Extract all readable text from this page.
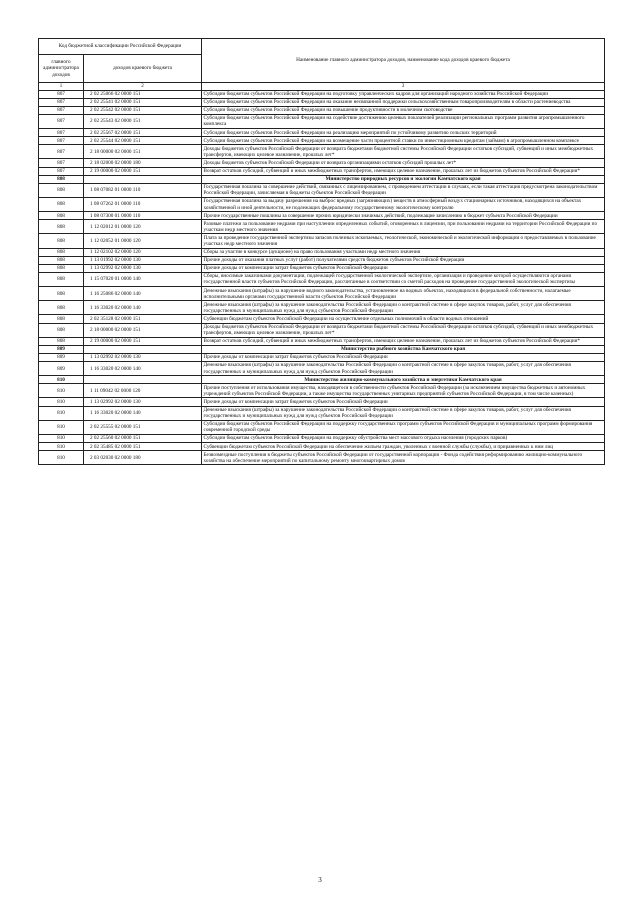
Код бюджетной классификации Российской Федерации		Наименование главного администратора доходов, наименование кода доходов краевого бюджета
главного администратора доходов	доходов краевого бюджета	
1	2	3
807	2 02 25066 02 0000 151	Субсидии бюджетам субъектов Российской Федерации на подготовку управленческих кадров для организаций народного хозяйства Российской Федерации
807	2 02 25541 02 0000 151	Субсидии бюджетам субъектов Российской Федерации на оказание несвязанной поддержки сельскохозяйственным товаропроизводителям в области растениеводства
807	2 02 25542 02 0000 151	Субсидии бюджетам субъектов Российской Федерации на повышение продуктивности в молочном скотоводстве
807	2 02 25543 02 0000 151	Субсидии бюджетам субъектов Российской Федерации на содействие достижению целевых показателей реализации региональных программ развития агропромышленного комплекса
807	2 02 25567 02 0000 151	Субсидии бюджетам субъектов Российской Федерации на реализацию мероприятий по устойчивому развитию сельских территорий
807	2 02 25544 02 0000 151	Субсидии бюджетам субъектов Российской Федерации на возмещение части процентной ставки по инвестиционным кредитам (займам) в агропромышленном комплексе
807	2 18 00000 02 0000 151	Доходы бюджетов субъектов Российской Федерации от возврата бюджетами бюджетной системы Российской Федерации остатков субсидий, субвенций и иных межбюджетных трансфертов, имеющих целевое назначение, прошлых лет*
807	2 18 02000 02 0000 180	Доходы бюджетов субъектов Российской Федерации от возврата организациями остатков субсидий прошлых лет*
807	2 19 00000 02 0000 151	Возврат остатков субсидий, субвенций и иных межбюджетных трансфертов, имеющих целевое назначение, прошлых лет из бюджетов субъектов Российской Федерации*
808		Министерство природных ресурсов и экологии Камчатского края
808	1 08 07082 01 0000 110	Государственная пошлина за совершение действий, связанных с лицензированием, с проведением аттестации в случаях, если такая аттестация предусмотрена законодательством Российской Федерации, зачисляемая в бюджеты субъектов Российской Федерации
808	1 08 07262 01 0000 110	Государственная пошлина за выдачу разрешения на выброс вредных (загрязняющих) веществ в атмосферный воздух стационарных источников, находящихся на объектах хозяйственной и иной деятельности, не подлежащих федеральному государственному экологическому контролю
808	1 08 07300 01 0000 110	Прочие государственные пошлины за совершение прочих юридически значимых действий, подлежащие зачислению в бюджет субъекта Российской Федерации
808	1 12 02012 01 0000 120	Разовые платежи за пользование недрами при наступлении определенных событий, оговоренных в лицензии, при пользовании недрами на территории Российской Федерации по участкам недр местного значения
808	1 12 02052 01 0000 120	Плата за проведение государственной экспертизы запасов полезных ископаемых, геологической, экономической и экологической информации о предоставляемых в пользование участках недр местного значения
808	1 12 02102 02 0000 120	Сборы за участие в конкурсе (аукционе) на право пользования участками недр местного значения
808	1 13 01992 02 0000 130	Прочие доходы от оказания платных услуг (работ) получателями средств бюджетов субъектов Российской Федерации
808	1 13 02992 02 0000 130	Прочие доходы от компенсации затрат бюджетов субъектов Российской Федерации
808	1 15 07020 01 0000 140	Сборы, вносимые заказчиками документации, подлежащей государственной экологической экспертизе, организация и проведение которой осуществляются органами государственной власти субъектов Российской Федерации, рассчитанные в соответствии со сметой расходов на проведение государственной экологической экспертизы
808	1 16 25086 02 0000 140	Денежные взыскания (штрафы) за нарушение водного законодательства, установленное на водных объектах, находящихся в федеральной собственности, налагаемые исполнительными органами государственной власти субъектов Российской Федерации
808	1 16 33020 02 0000 140	Денежные взыскания (штрафы) за нарушение законодательства Российской Федерации о контрактной системе в сфере закупок товаров, работ, услуг для обеспечения государственных и муниципальных нужд для нужд субъектов Российской Федерации
808	2 02 35128 02 0000 151	Субвенции бюджетам субъектов Российской Федерации на осуществление отдельных полномочий в области водных отношений
808	2 18 00000 02 0000 151	Доходы бюджетов субъектов Российской Федерации от возврата бюджетами бюджетной системы Российской Федерации остатков субсидий, субвенций и иных межбюджетных трансфертов, имеющих целевое назначение, прошлых лет*
808	2 19 00000 02 0000 151	Возврат остатков субсидий, субвенций и иных межбюджетных трансфертов, имеющих целевое назначение, прошлых лет из бюджетов субъектов Российской Федерации*
809		Министерство рыбного хозяйства Камчатского края
809	1 13 02992 02 0000 130	Прочие доходы от компенсации затрат бюджетов субъектов Российской Федерации
809	1 16 33020 02 0000 140	Денежные взыскания (штрафы) за нарушение законодательства Российской Федерации о контрактной системе в сфере закупок товаров, работ, услуг для обеспечения государственных и муниципальных нужд для нужд субъектов Российской Федерации
810		Министерство жилищно-коммунального хозяйства и энергетики Камчатского края
810	1 11 09042 02 0000 120	Прочие поступления от использования имущества, находящегося в собственности субъектов Российской Федерации (за исключением имущества бюджетных и автономных учреждений субъектов Российской Федерации, а также имущества государственных унитарных предприятий субъектов Российской Федерации, в том числе казенных)
810	1 13 02992 02 0000 130	Прочие доходы от компенсации затрат бюджетов субъектов Российской Федерации
810	1 16 33020 02 0000 140	Денежные взыскания (штрафы) за нарушение законодательства Российской Федерации о контрактной системе в сфере закупок товаров, работ, услуг для обеспечения государственных и муниципальных нужд для нужд субъектов Российской Федерации
810	2 02 25555 02 0000 151	Субсидии бюджетам субъектов Российской Федерации на поддержку государственных программ субъектов Российской Федерации и муниципальных программ формирования современной городской среды
810	2 02 25560 02 0000 151	Субсидии бюджетам субъектов Российской Федерации на поддержку обустройства мест массового отдыха населения (городских парков)
810	2 02 35485 02 0000 151	Субвенции бюджетам субъектов Российской Федерации на обеспечение жильем граждан, уволенных с военной службы (службы), и приравненных к ним лиц
810	2 03 02030 02 0000 180	Безвозмездные поступления в бюджеты субъектов Российской Федерации от государственной корпорации - Фонда содействия реформированию жилищно-коммунального хозяйства на обеспечение мероприятий по капитальному ремонту многоквартирных домов
3
